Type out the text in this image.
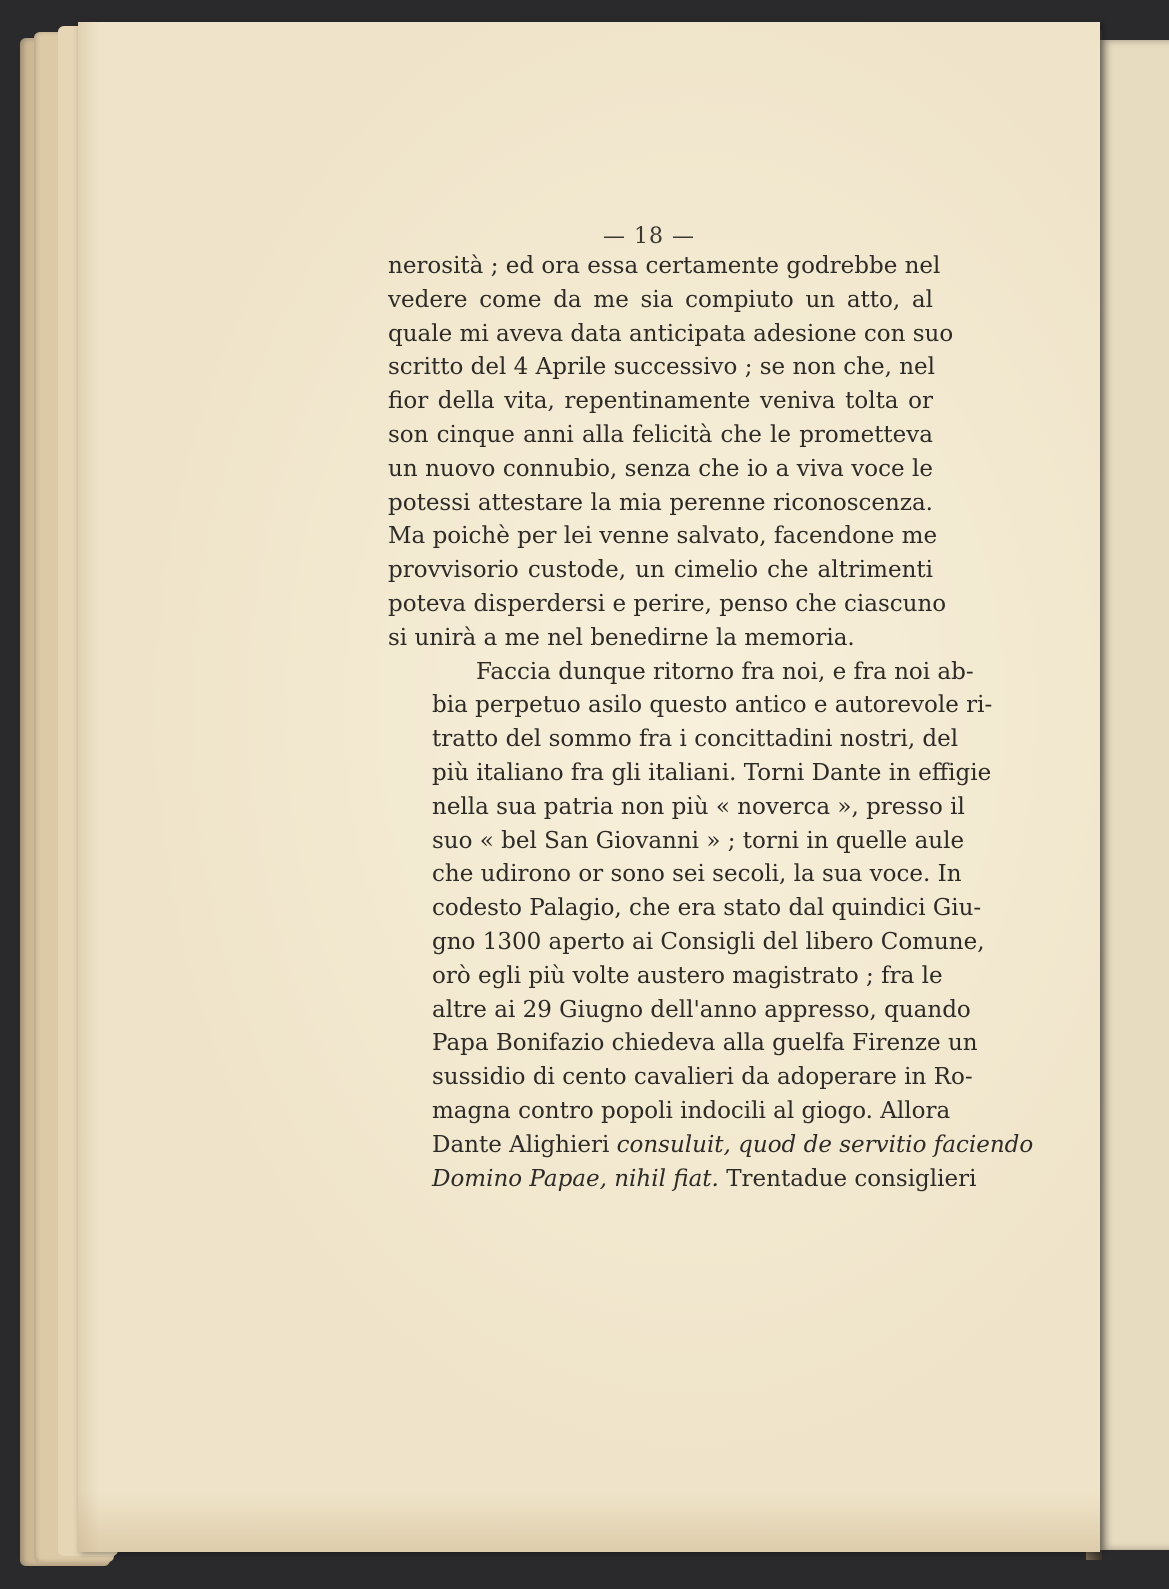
— 18 —
nerosità ; ed ora essa certamente godrebbe nel
vedere come da me sia compiuto un atto, al
quale mi aveva data anticipata adesione con suo
scritto del 4 Aprile successivo ; se non che, nel
fior della vita, repentinamente veniva tolta or
son cinque anni alla felicità che le prometteva
un nuovo connubio, senza che io a viva voce le
potessi attestare la mia perenne riconoscenza.
Ma poichè per lei venne salvato, facendone me
provvisorio custode, un cimelio che altrimenti
poteva disperdersi e perire, penso che ciascuno
si unirà a me nel benedirne la memoria.
Faccia dunque ritorno fra noi, e fra noi ab-
bia perpetuo asilo questo antico e autorevole ri-
tratto del sommo fra i concittadini nostri, del
più italiano fra gli italiani. Torni Dante in effigie
nella sua patria non più « noverca », presso il
suo « bel San Giovanni » ; torni in quelle aule
che udirono or sono sei secoli, la sua voce. In
codesto Palagio, che era stato dal quindici Giu-
gno 1300 aperto ai Consigli del libero Comune,
orò egli più volte austero magistrato ; fra le
altre ai 29 Giugno dell'anno appresso, quando
Papa Bonifazio chiedeva alla guelfa Firenze un
sussidio di cento cavalieri da adoperare in Ro-
magna contro popoli indocili al giogo. Allora
Dante Alighieri consuluit, quod de servitio faciendo
Domino Papae, nihil fiat. Trentadue consiglieri
